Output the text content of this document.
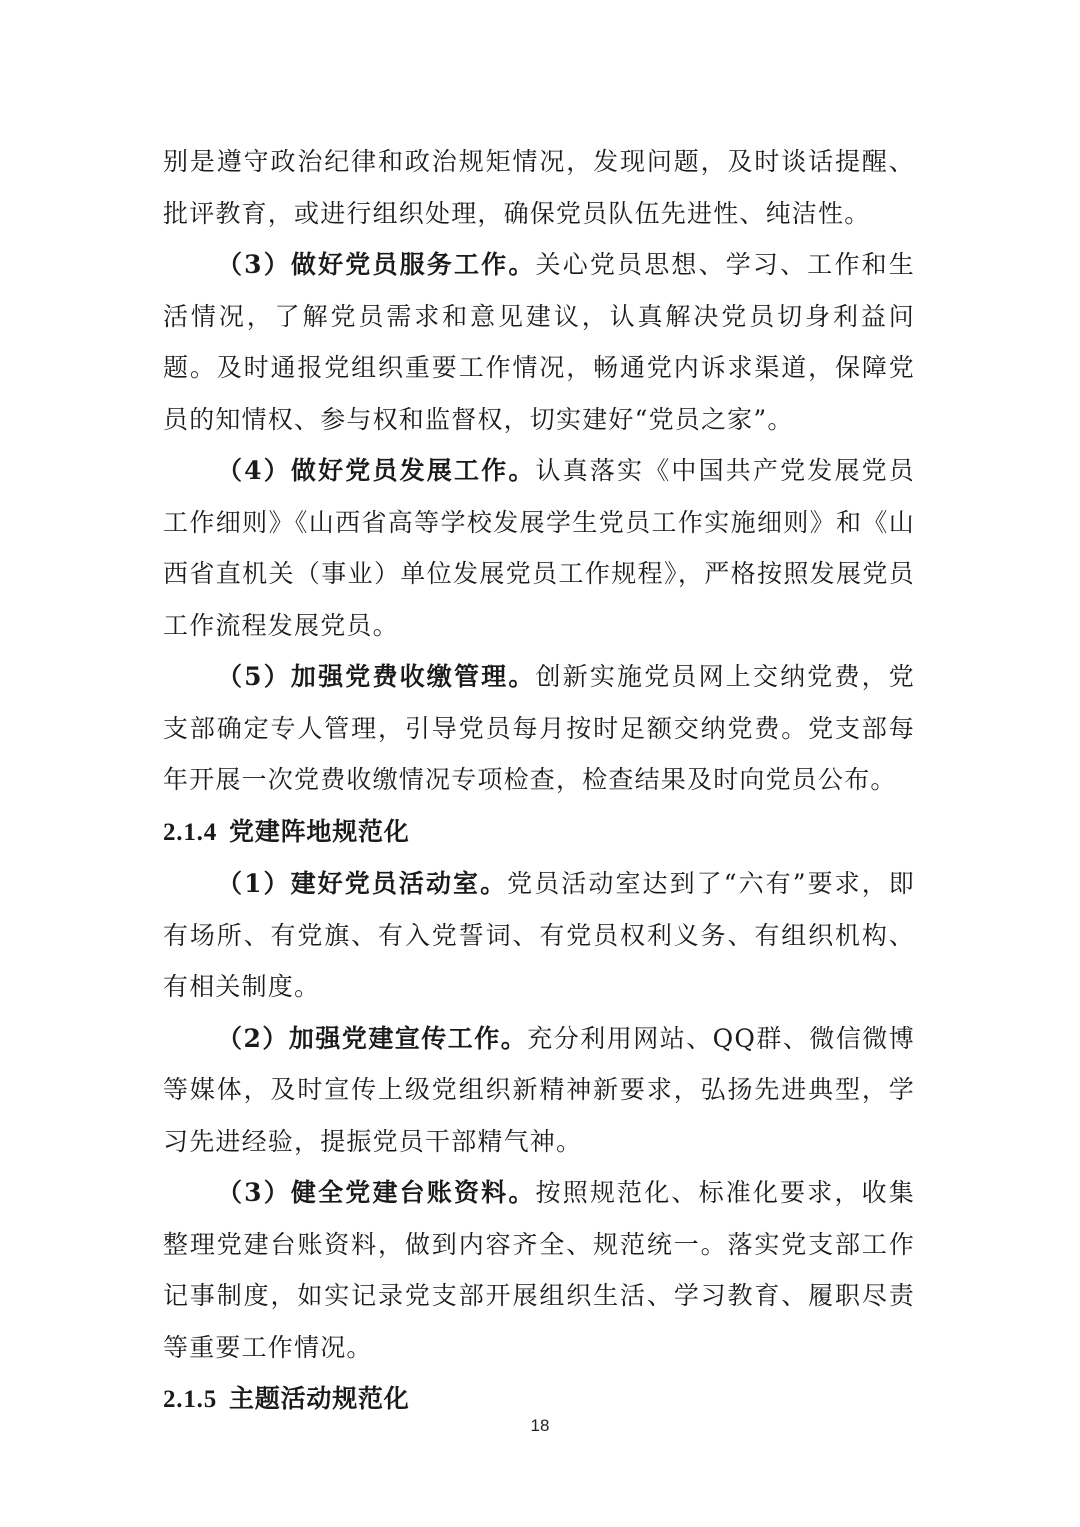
别是遵守政治纪律和政治规矩情况，发现问题，及时谈话提醒、批评教育，或进行组织处理，确保党员队伍先进性、纯洁性。

（3）做好党员服务工作。关心党员思想、学习、工作和生活情况，了解党员需求和意见建议，认真解决党员切身利益问题。及时通报党组织重要工作情况，畅通党内诉求渠道，保障党员的知情权、参与权和监督权，切实建好“党员之家”。

（4）做好党员发展工作。认真落实《中国共产党发展党员工作细则》《山西省高等学校发展学生党员工作实施细则》和《山西省直机关（事业）单位发展党员工作规程》，严格按照发展党员工作流程发展党员。

（5）加强党费收缴管理。创新实施党员网上交纳党费，党支部确定专人管理，引导党员每月按时足额交纳党费。党支部每年开展一次党费收缴情况专项检查，检查结果及时向党员公布。

2.1.4 党建阵地规范化

（1）建好党员活动室。党员活动室达到了“六有”要求，即有场所、有党旗、有入党誓词、有党员权利义务、有组织机构、有相关制度。

（2）加强党建宣传工作。充分利用网站、QQ群、微信微博等媒体，及时宣传上级党组织新精神新要求，弘扬先进典型，学习先进经验，提振党员干部精气神。

（3）健全党建台账资料。按照规范化、标准化要求，收集整理党建台账资料，做到内容齐全、规范统一。落实党支部工作记事制度，如实记录党支部开展组织生活、学习教育、履职尽责等重要工作情况。

2.1.5 主题活动规范化
18
